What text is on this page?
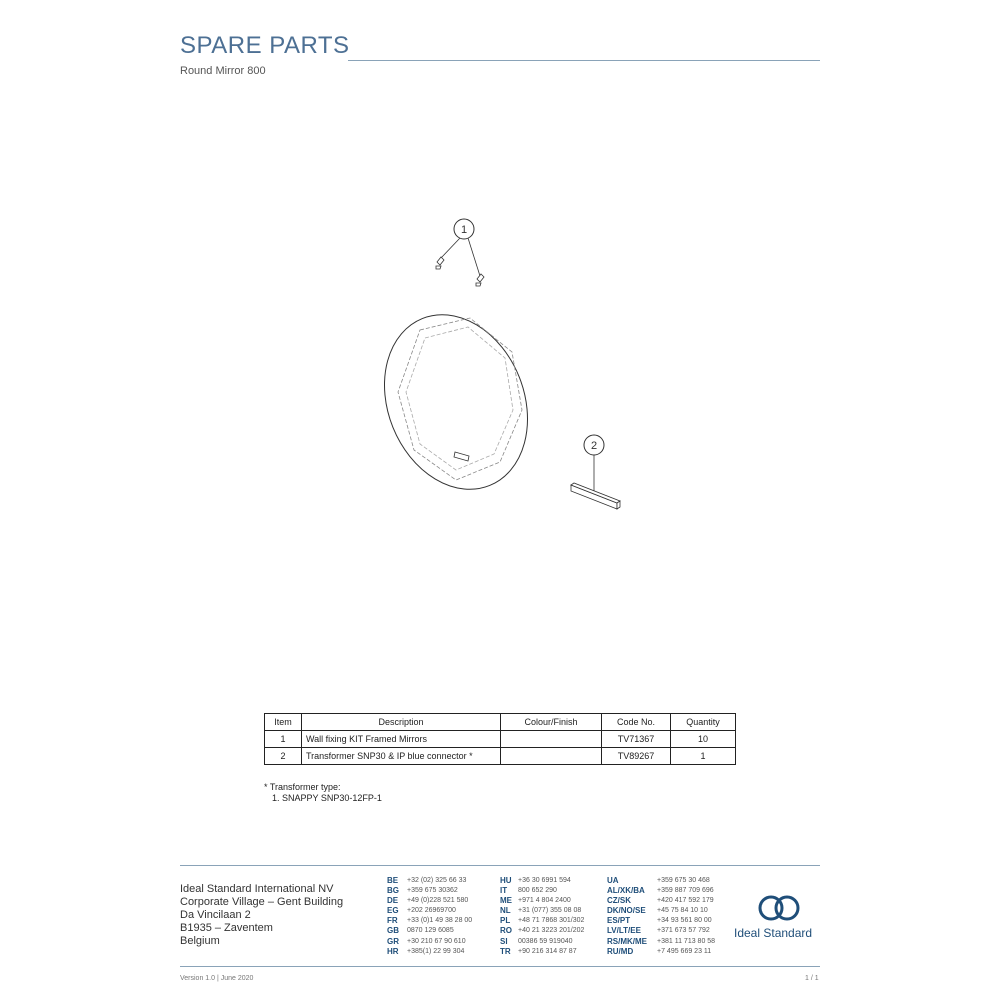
SPARE PARTS
Round Mirror 800
1
2
Item	Description	Colour/Finish	Code No.	Quantity
1	Wall fixing KIT Framed Mirrors		TV71367	10
2	Transformer SNP30 & IP blue connector *		TV89267	1
* Transformer type:
1. SNAPPY SNP30-12FP-1
Ideal Standard International NV
Corporate Village – Gent Building
Da Vincilaan 2
B1935 – Zaventem
Belgium
BE	+32 (02) 325 66 33
BG	+359 675 30362
DE	+49 (0)228 521 580
EG	+202 26969700
FR	+33 (0)1 49 38 28 00
GB	0870 129 6085
GR	+30 210 67 90 610
HR	+385(1) 22 99 304
HU +36 30 6991 594
IT	800 652 290
ME +971 4 804 2400
NL	+31 (077) 355 08 08
PL	+48 71 7868 301/302
RO +40 21 3223 201/202
SI	00386 59 919040
TR	+90 216 314 87 87
UA	+359 675 30 468
AL/XK/BA	+359 887 709 696
CZ/SK	+420 417 592 179
DK/NO/SE	+45 75 84 10 10
ES/PT	+34 93 561 80 00
LV/LT/EE	+371 673 57 792
RS/MK/ME	+381 11 713 80 58
RU/MD	+7 495 669 23 11
Ideal Standard
Version 1.0 | June 2020	1 / 1
